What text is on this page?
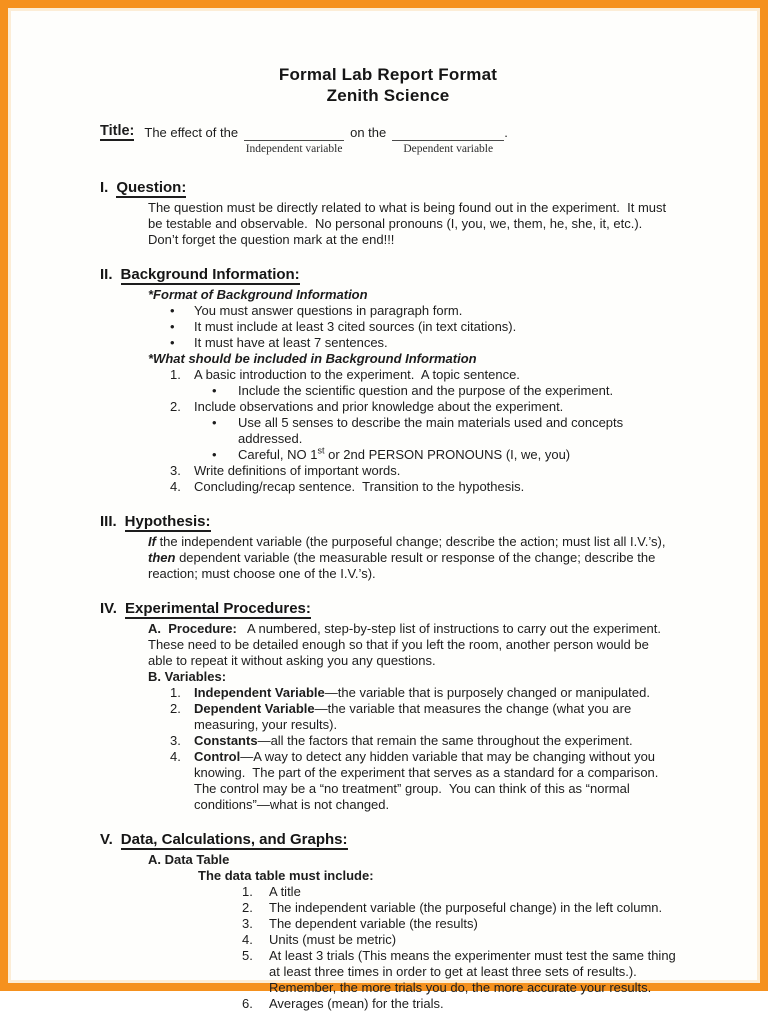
Formal Lab Report Format
Zenith Science
Title: The effect of the	on the	.
Independent variable	Dependent variable
I. Question:
The question must be directly related to what is being found out in the experiment.  It must be testable and observable.  No personal pronouns (I, you, we, them, he, she, it, etc.).  Don’t forget the question mark at the end!!!
II. Background Information:
*Format of Background Information
•	You must answer questions in paragraph form.
•	It must include at least 3 cited sources (in text citations).
•	It must have at least 7 sentences.
*What should be included in Background Information
1.	A basic introduction to the experiment.  A topic sentence.
•	Include the scientific question and the purpose of the experiment.
2.	Include observations and prior knowledge about the experiment.
•	Use all 5 senses to describe the main materials used and concepts addressed.
•	Careful, NO 1st or 2nd PERSON PRONOUNS (I, we, you)
3.	Write definitions of important words.
4.	Concluding/recap sentence.  Transition to the hypothesis.
III. Hypothesis:
If the independent variable (the purposeful change; describe the action; must list all I.V.’s), then dependent variable (the measurable result or response of the change; describe the reaction; must choose one of the I.V.’s).
IV. Experimental Procedures:
A.  Procedure:   A numbered, step-by-step list of instructions to carry out the experiment.  These need to be detailed enough so that if you left the room, another person would be able to repeat it without asking you any questions.
B. Variables:
1.	Independent Variable—the variable that is purposely changed or manipulated.
2.	Dependent Variable—the variable that measures the change (what you are measuring, your results).
3.	Constants—all the factors that remain the same throughout the experiment.
4.	Control—A way to detect any hidden variable that may be changing without you knowing.  The part of the experiment that serves as a standard for a comparison.  The control may be a “no treatment” group.  You can think of this as “normal conditions”—what is not changed.
V. Data, Calculations, and Graphs:
A. Data Table
The data table must include:
1.	A title
2.	The independent variable (the purposeful change) in the left column.
3.	The dependent variable (the results)
4.	Units (must be metric)
5.	At least 3 trials (This means the experimenter must test the same thing at least three times in order to get at least three sets of results.).  Remember, the more trials you do, the more accurate your results.
6.	Averages (mean) for the trials.
